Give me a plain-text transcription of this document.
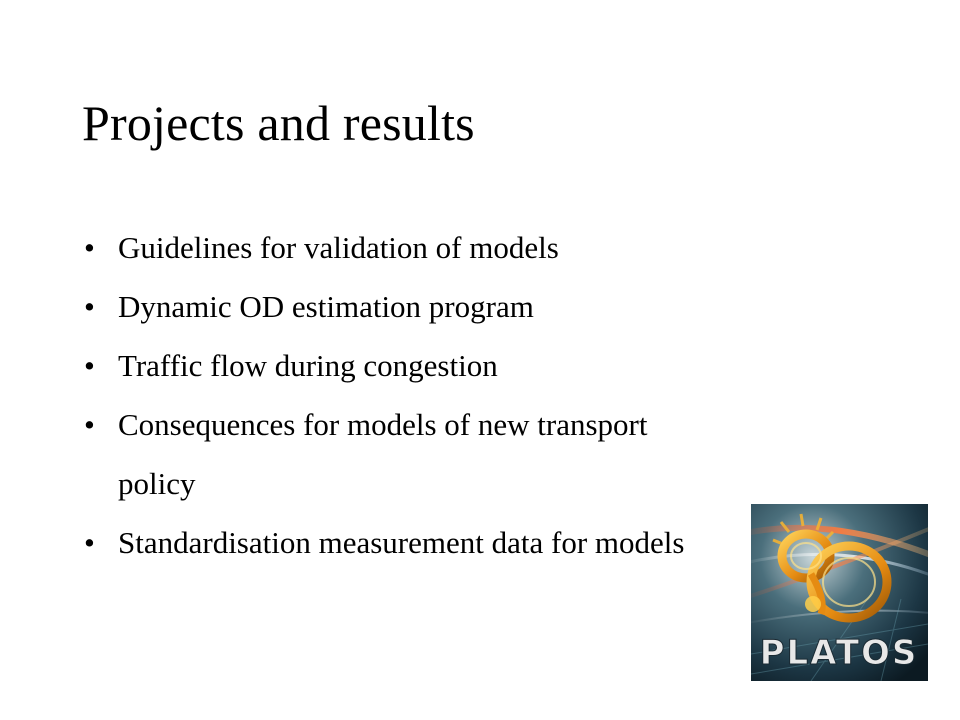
Projects and results
• Guidelines for validation of models
• Dynamic OD estimation program
• Traffic flow during congestion
• Consequences for models of new transport policy
• Standardisation measurement data for models
PLATOS
